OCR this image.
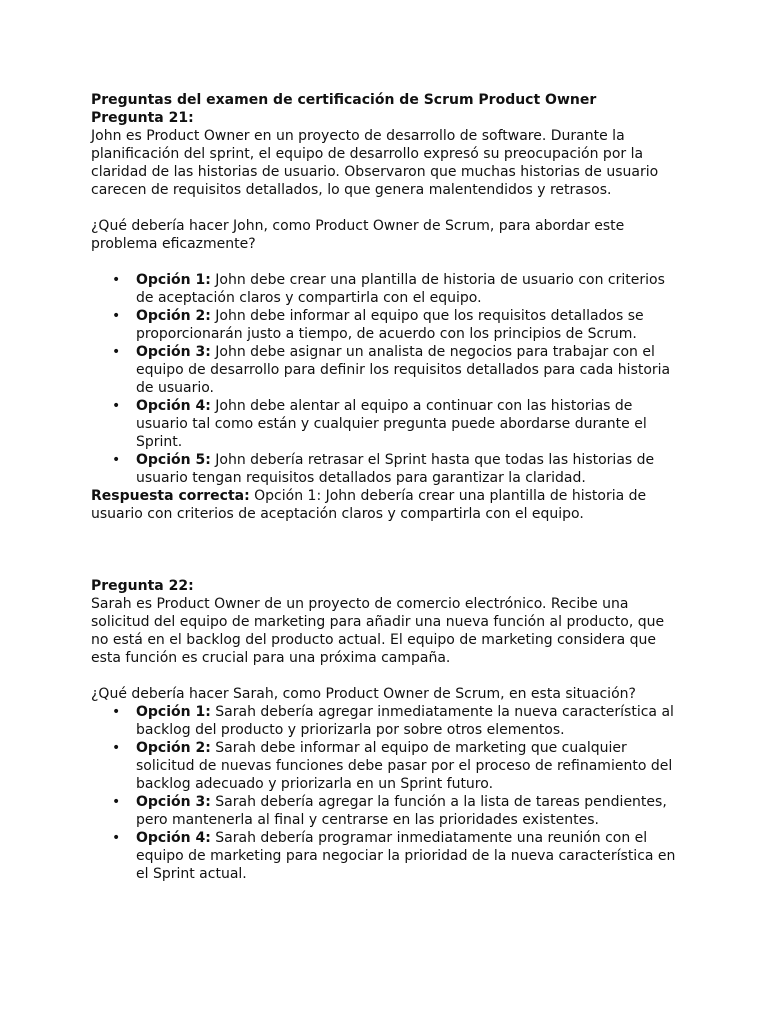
Preguntas del examen de certificación de Scrum Product Owner
Pregunta 21:

John es Product Owner en un proyecto de desarrollo de software. Durante la planificación del sprint, el equipo de desarrollo expresó su preocupación por la claridad de las historias de usuario. Observaron que muchas historias de usuario carecen de requisitos detallados, lo que genera malentendidos y retrasos.

¿Qué debería hacer John, como Product Owner de Scrum, para abordar este problema eficazmente?

• Opción 1: John debe crear una plantilla de historia de usuario con criterios de aceptación claros y compartirla con el equipo.
• Opción 2: John debe informar al equipo que los requisitos detallados se proporcionarán justo a tiempo, de acuerdo con los principios de Scrum.
• Opción 3: John debe asignar un analista de negocios para trabajar con el equipo de desarrollo para definir los requisitos detallados para cada historia de usuario.
• Opción 4: John debe alentar al equipo a continuar con las historias de usuario tal como están y cualquier pregunta puede abordarse durante el Sprint.
• Opción 5: John debería retrasar el Sprint hasta que todas las historias de usuario tengan requisitos detallados para garantizar la claridad.

Respuesta correcta: Opción 1: John debería crear una plantilla de historia de usuario con criterios de aceptación claros y compartirla con el equipo.

Pregunta 22:

Sarah es Product Owner de un proyecto de comercio electrónico. Recibe una solicitud del equipo de marketing para añadir una nueva función al producto, que no está en el backlog del producto actual. El equipo de marketing considera que esta función es crucial para una próxima campaña.

¿Qué debería hacer Sarah, como Product Owner de Scrum, en esta situación?

• Opción 1: Sarah debería agregar inmediatamente la nueva característica al backlog del producto y priorizarla por sobre otros elementos.
• Opción 2: Sarah debe informar al equipo de marketing que cualquier solicitud de nuevas funciones debe pasar por el proceso de refinamiento del backlog adecuado y priorizarla en un Sprint futuro.
• Opción 3: Sarah debería agregar la función a la lista de tareas pendientes, pero mantenerla al final y centrarse en las prioridades existentes.
• Opción 4: Sarah debería programar inmediatamente una reunión con el equipo de marketing para negociar la prioridad de la nueva característica en el Sprint actual.
